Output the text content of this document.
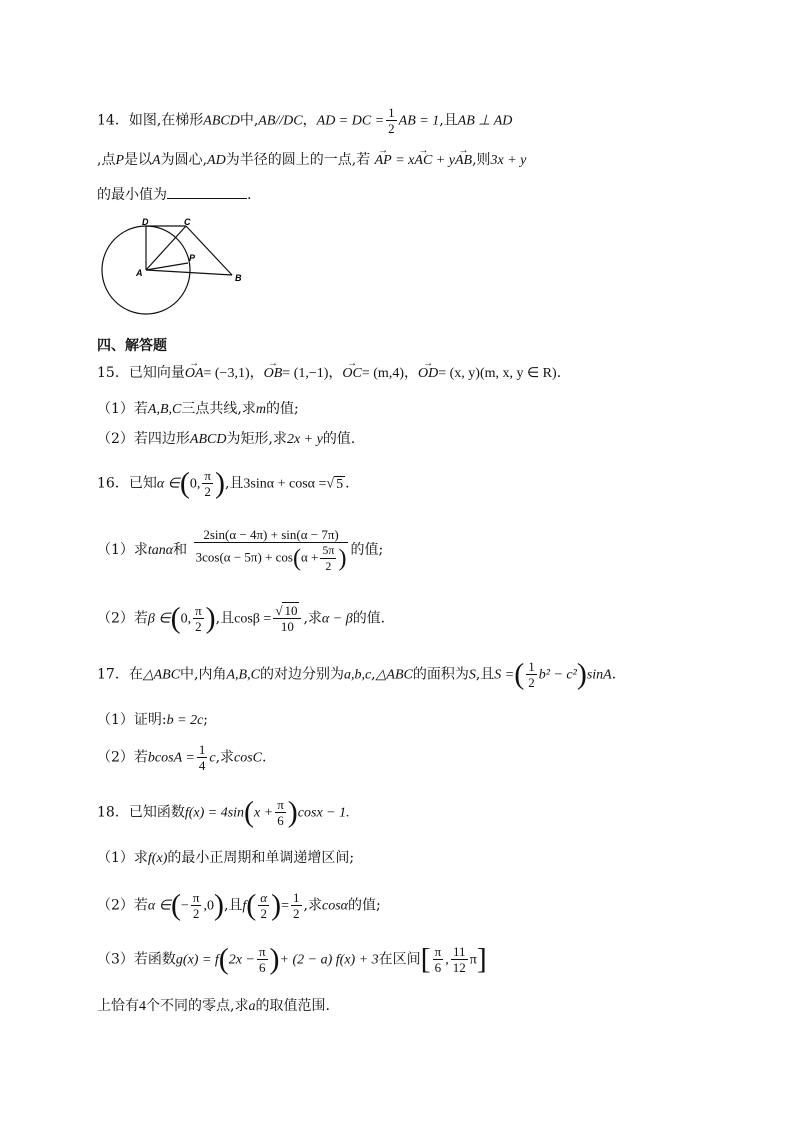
14．如图,在梯形ABCD中,AB//DC，AD = DC = $\frac{1}{2}$ AB = 1,且AB ⊥ AD
,点P是以A为圆心,AD为半径的圆上的一点,若 → AP = x→ AC + y→ AB,则3x + y
的最小值为	.
D	C
P
A	B
四、解答题
15．已知向量→ OA= (−3,1)，→ OB= (1,−1)，→ OC= (m,4)，→ OD= (x, y)(m, x, y ∈ R).
（1）若A,B,C三点共线,求m的值;
（2）若四边形ABCD为矩形,求2x + y的值.
16．已知α ∈(0, $\frac{\pi}{2}$ ),且3sinα + cosα =√ 5 .
（1）求tanα和 $\frac{2\sin(\alpha - 4\pi) + \sin(\alpha - 7\pi)}{3\cos(\alpha - 5\pi) + \cos(\alpha + \frac{5\pi}{2} )}$ 的值;
（2）若β ∈(0, $\frac{\pi}{2}$ ),且$\cos\beta = \frac{√ 10}{10}$ ,求α − β的值.
17．在△ABC中,内角A,B,C的对边分别为a,b,c,△ABC的面积为S,且S =( $\frac{1}{2} b^2 - c^2)\sin A$.
（1）证明:b = 2c;
（2）若$bcosA = \frac{1}{4} c$,求cosC.
18．已知函数$f(x) = 4\sin(x + \frac{\pi}{6} )\cos x - 1$.
（1）求f(x)的最小正周期和单调递增区间;
（2）若α ∈(− $\frac{\pi}{2} ,0$),且$f( \frac{\alpha}{2}$ )= $\frac{1}{2}$ ,求cosα的值;
（3）若函数$g(x) = f(2x - \frac{\pi}{6}$ )+ (2 − a) f(x) + 3在区间[ $\frac{\pi}{6}$ , $\frac{11}{12} \pi$]
上恰有4个不同的零点,求a的取值范围.
